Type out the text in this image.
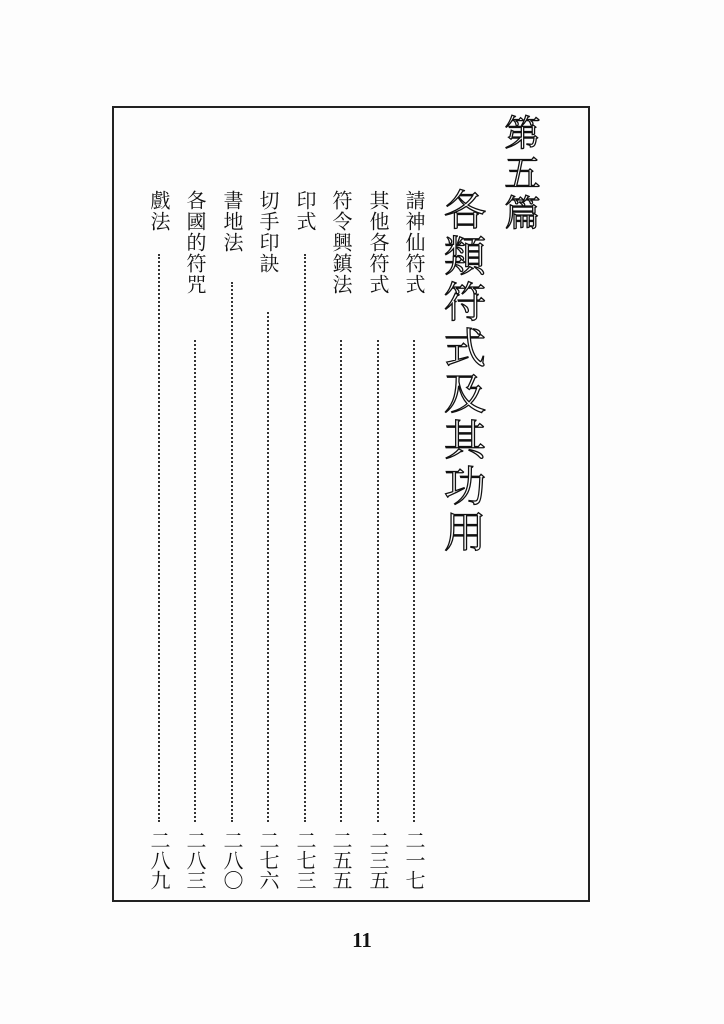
第五篇
各類符式及其功用
請神仙符式
二一七
其他各符式
二三五
符令興鎮法
二五五
印式
二七三
切手印訣
二七六
書地法
二八〇
各國的符咒
二八三
戲法
二八九
11
